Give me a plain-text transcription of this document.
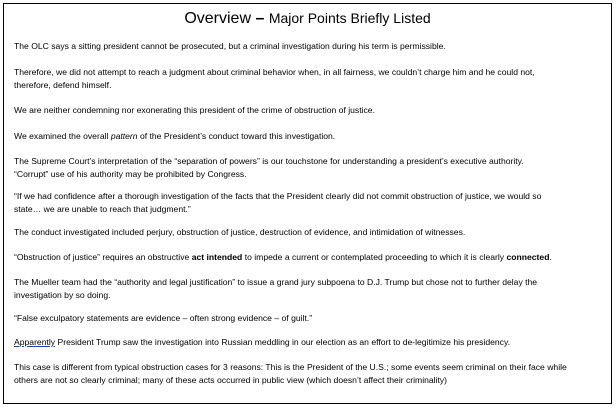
Overview – Major Points Briefly Listed

The OLC says a sitting president cannot be prosecuted, but a criminal investigation during his term is permissible.

Therefore, we did not attempt to reach a judgment about criminal behavior when, in all fairness, we couldn’t charge him and he could not,
therefore, defend himself.

We are neither condemning nor exonerating this president of the crime of obstruction of justice.

We examined the overall pattern of the President’s conduct toward this investigation.

The Supreme Court’s interpretation of the “separation of powers” is our touchstone for understanding a president’s executive authority.
“Corrupt” use of his authority may be prohibited by Congress.
“If we had confidence after a thorough investigation of the facts that the President clearly did not commit obstruction of justice, we would so
state… we are unable to reach that judgment.”

The conduct investigated included perjury, obstruction of justice, destruction of evidence, and intimidation of witnesses.

“Obstruction of justice” requires an obstructive act intended to impede a current or contemplated proceeding to which it is clearly connected.

The Mueller team had the “authority and legal justification” to issue a grand jury subpoena to D.J. Trump but chose not to further delay the
investigation by so doing.

“False exculpatory statements are evidence – often strong evidence – of guilt.”

Apparently President Trump saw the investigation into Russian meddling in our election as an effort to de-legitimize his presidency.

This case is different from typical obstruction cases for 3 reasons: This is the President of the U.S.; some events seem criminal on their face while
others are not so clearly criminal; many of these acts occurred in public view (which doesn’t affect their criminality)
